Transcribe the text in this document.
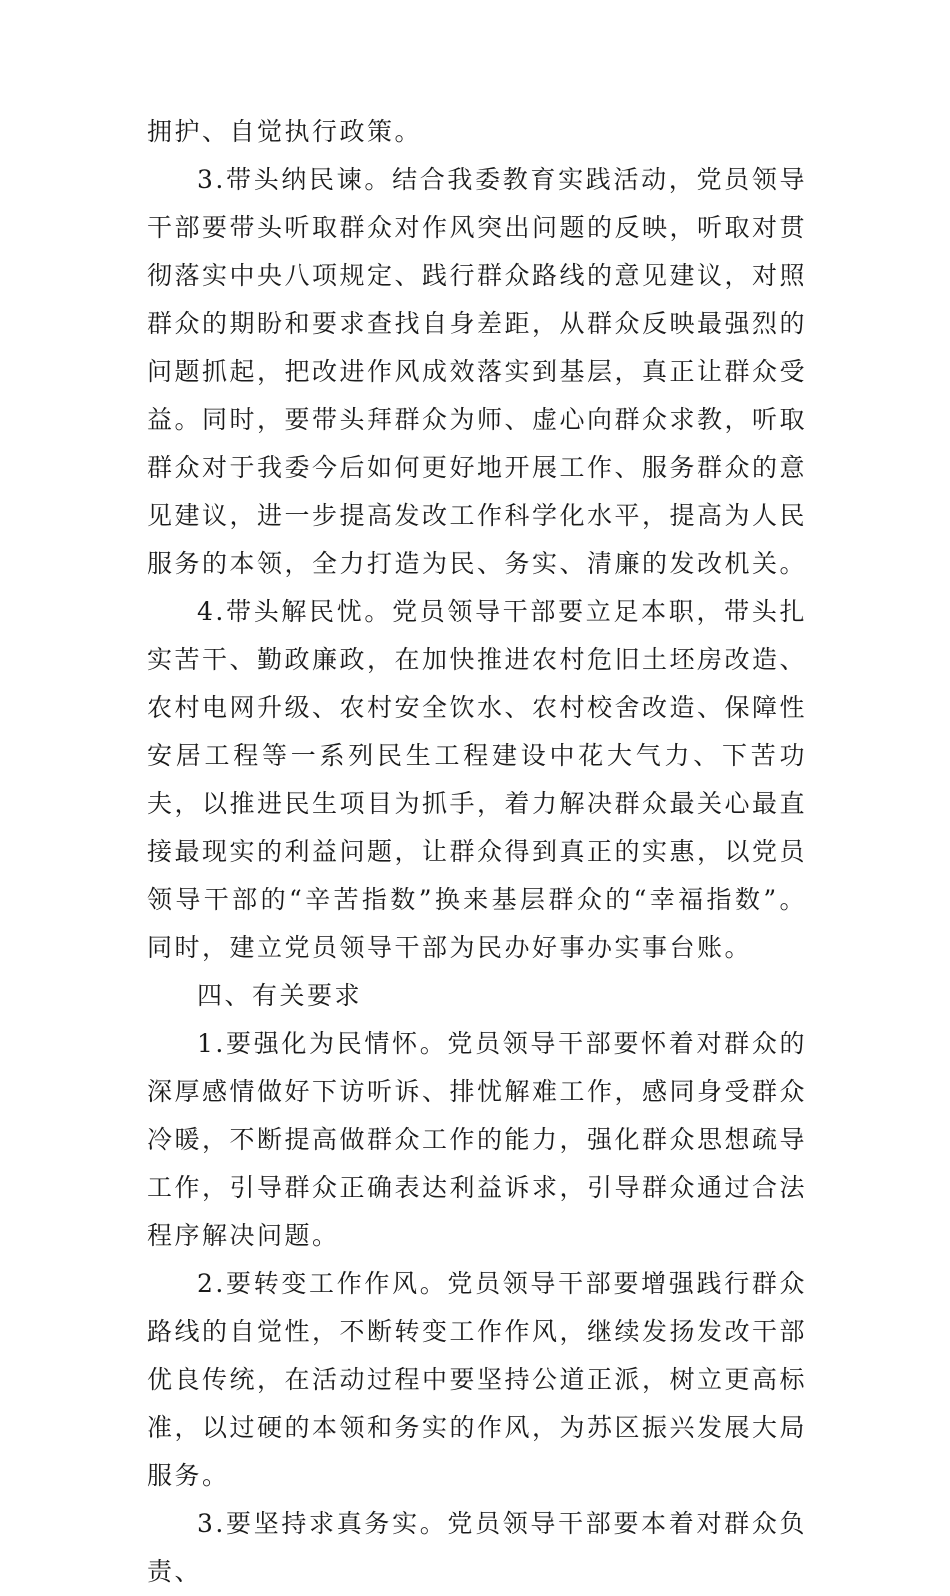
拥护、自觉执行政策。

3.带头纳民谏。结合我委教育实践活动，党员领导干部要带头听取群众对作风突出问题的反映，听取对贯彻落实中央八项规定、践行群众路线的意见建议，对照群众的期盼和要求查找自身差距，从群众反映最强烈的问题抓起，把改进作风成效落实到基层，真正让群众受益。同时，要带头拜群众为师、虚心向群众求教，听取群众对于我委今后如何更好地开展工作、服务群众的意见建议，进一步提高发改工作科学化水平，提高为人民服务的本领，全力打造为民、务实、清廉的发改机关。

4.带头解民忧。党员领导干部要立足本职，带头扎实苦干、勤政廉政，在加快推进农村危旧土坯房改造、农村电网升级、农村安全饮水、农村校舍改造、保障性安居工程等一系列民生工程建设中花大气力、下苦功夫，以推进民生项目为抓手，着力解决群众最关心最直接最现实的利益问题，让群众得到真正的实惠，以党员领导干部的“辛苦指数”换来基层群众的“幸福指数”。同时，建立党员领导干部为民办好事办实事台账。

四、有关要求

1.要强化为民情怀。党员领导干部要怀着对群众的深厚感情做好下访听诉、排忧解难工作，感同身受群众冷暖，不断提高做群众工作的能力，强化群众思想疏导工作，引导群众正确表达利益诉求，引导群众通过合法程序解决问题。

2.要转变工作作风。党员领导干部要增强践行群众路线的自觉性，不断转变工作作风，继续发扬发改干部优良传统，在活动过程中要坚持公道正派，树立更高标准，以过硬的本领和务实的作风，为苏区振兴发展大局服务。

3.要坚持求真务实。党员领导干部要本着对群众负责、
